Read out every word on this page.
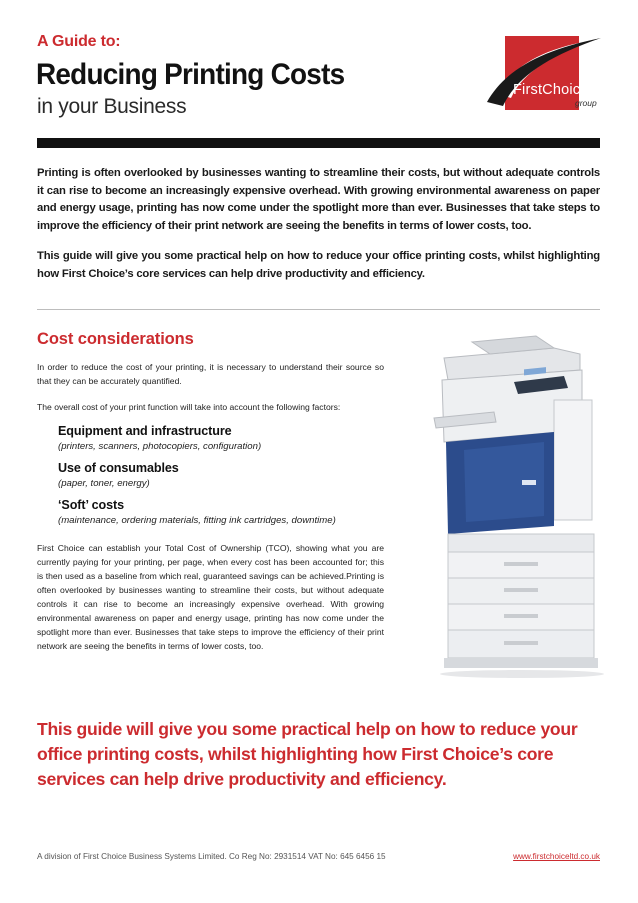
A Guide to:
Reducing Printing Costs
in your Business
FirstChoice
group

Printing is often overlooked by businesses wanting to streamline their costs, but without adequate controls it can rise to become an increasingly expensive overhead. With growing environmental awareness on paper and energy usage, printing has now come under the spotlight more than ever. Businesses that take steps to improve the efficiency of their print network are seeing the benefits in terms of lower costs, too.

This guide will give you some practical help on how to reduce your office printing costs, whilst highlighting how First Choice’s core services can help drive productivity and efficiency.

Cost considerations

In order to reduce the cost of your printing, it is necessary to understand their source so that they can be accurately quantified.

The overall cost of your print function will take into account the following factors:

Equipment and infrastructure
(printers, scanners, photocopiers, configuration)
Use of consumables
(paper, toner, energy)
‘Soft’ costs
(maintenance, ordering materials, fitting ink cartridges, downtime)

First Choice can establish your Total Cost of Ownership (TCO), showing what you are currently paying for your printing, per page, when every cost has been accounted for; this is then used as a baseline from which real, guaranteed savings can be achieved.Printing is often overlooked by businesses wanting to streamline their costs, but without adequate controls it can rise to become an increasingly expensive overhead. With growing environmental awareness on paper and energy usage, printing has now come under the spotlight more than ever. Businesses that take steps to improve the efficiency of their print network are seeing the benefits in terms of lower costs, too.

This guide will give you some practical help on how to reduce your office printing costs, whilst highlighting how First Choice’s core services can help drive productivity and efficiency.
A division of First Choice Business Systems Limited. Co Reg No: 2931514 VAT No: 645 6456 15	www.firstchoiceltd.co.uk
